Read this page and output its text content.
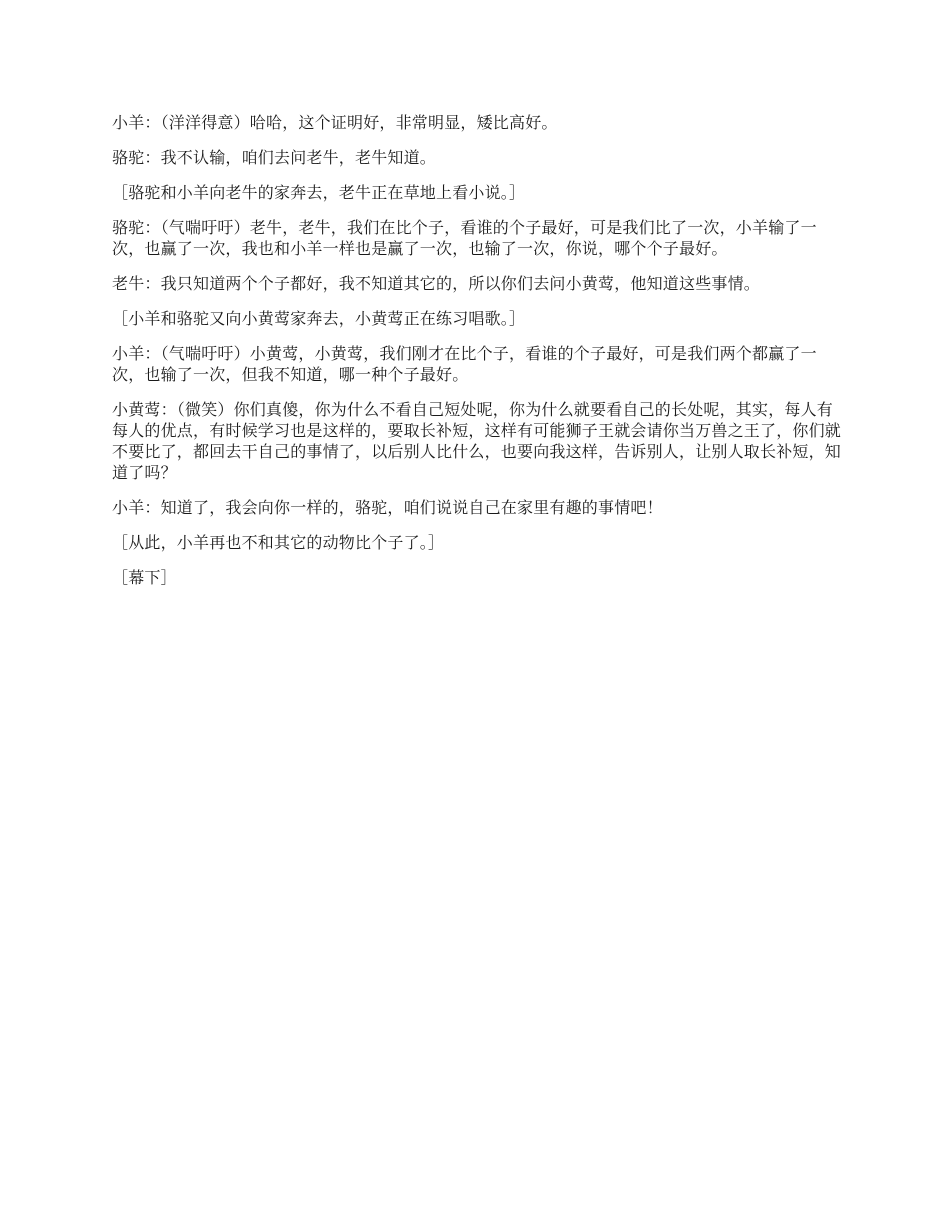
小羊：（洋洋得意）哈哈，这个证明好，非常明显，矮比高好。

骆驼：我不认输，咱们去问老牛，老牛知道。

［骆驼和小羊向老牛的家奔去，老牛正在草地上看小说。］

骆驼：（气喘吁吁）老牛，老牛，我们在比个子，看谁的个子最好，可是我们比了一次，小羊输了一次，也赢了一次，我也和小羊一样也是赢了一次，也输了一次，你说，哪个个子最好。

老牛：我只知道两个个子都好，我不知道其它的，所以你们去问小黄莺，他知道这些事情。

［小羊和骆驼又向小黄莺家奔去，小黄莺正在练习唱歌。］

小羊：（气喘吁吁）小黄莺，小黄莺，我们刚才在比个子，看谁的个子最好，可是我们两个都赢了一次，也输了一次，但我不知道，哪一种个子最好。

小黄莺：（微笑）你们真傻，你为什么不看自己短处呢，你为什么就要看自己的长处呢，其实，每人有每人的优点，有时候学习也是这样的，要取长补短，这样有可能狮子王就会请你当万兽之王了，你们就不要比了，都回去干自己的事情了，以后别人比什么，也要向我这样，告诉别人，让别人取长补短，知道了吗？

小羊：知道了，我会向你一样的，骆驼，咱们说说自己在家里有趣的事情吧！

［从此，小羊再也不和其它的动物比个子了。］

［幕下］
